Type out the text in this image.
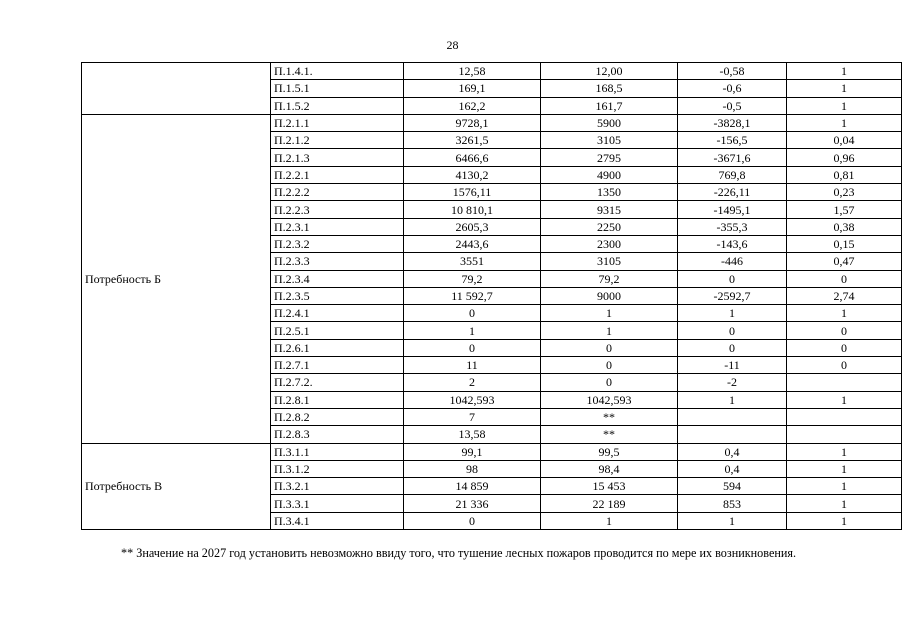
28
	П.1.4.1.	12,58	12,00	-0,58	1
	П.1.5.1	169,1	168,5	-0,6	1
	П.1.5.2	162,2	161,7	-0,5	1
Потребность Б	П.2.1.1	9728,1	5900	-3828,1	1
	П.2.1.2	3261,5	3105	-156,5	0,04
	П.2.1.3	6466,6	2795	-3671,6	0,96
	П.2.2.1	4130,2	4900	769,8	0,81
	П.2.2.2	1576,11	1350	-226,11	0,23
	П.2.2.3	10 810,1	9315	-1495,1	1,57
	П.2.3.1	2605,3	2250	-355,3	0,38
	П.2.3.2	2443,6	2300	-143,6	0,15
	П.2.3.3	3551	3105	-446	0,47
	П.2.3.4	79,2	79,2	0	0
	П.2.3.5	11 592,7	9000	-2592,7	2,74
	П.2.4.1	0	1	1	1
	П.2.5.1	1	1	0	0
	П.2.6.1	0	0	0	0
	П.2.7.1	11	0	-11	0
	П.2.7.2.	2	0	-2	
	П.2.8.1	1042,593	1042,593	1	1
	П.2.8.2	7	**		
	П.2.8.3	13,58	**		
Потребность В	П.3.1.1	99,1	99,5	0,4	1
	П.3.1.2	98	98,4	0,4	1
	П.3.2.1	14 859	15 453	594	1
	П.3.3.1	21 336	22 189	853	1
	П.3.4.1	0	1	1	1
** Значение на 2027 год установить невозможно ввиду того, что тушение лесных пожаров проводится по мере их возникновения.
